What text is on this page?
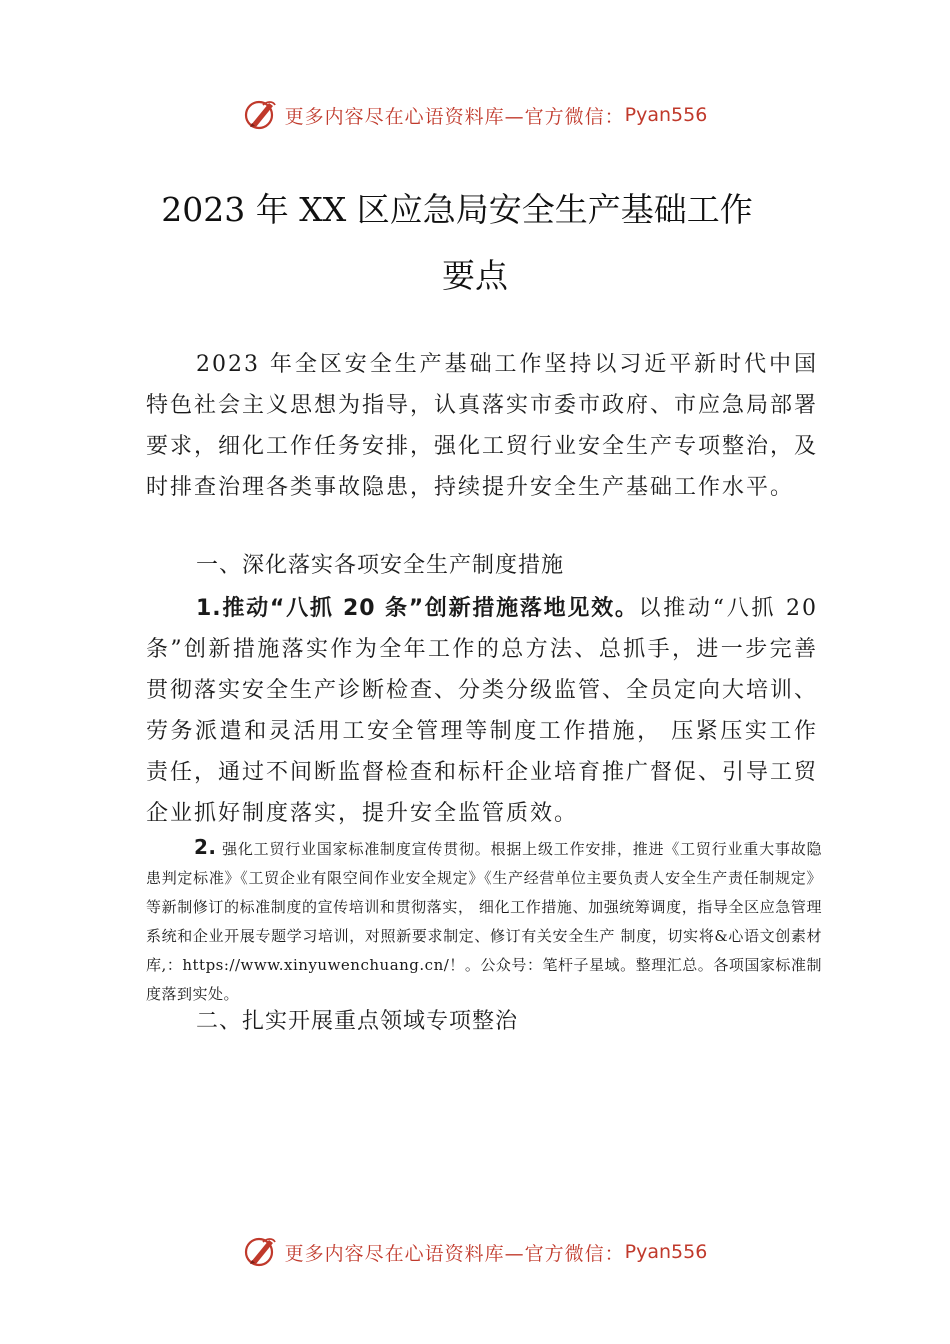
更多内容尽在心语资料库—官方微信： Pyan556
2023 年 XX 区应急局安全生产基础工作
要点

2023 年全区安全生产基础工作坚持以习近平新时代中国特色社会主义思想为指导，认真落实市委市政府、市应急局部署要求，细化工作任务安排，强化工贸行业安全生产专项整治，及时排查治理各类事故隐患，持续提升安全生产基础工作水平。

一、深化落实各项安全生产制度措施

1.推动“八抓 20 条”创新措施落地见效。以推动“八抓 20 条”创新措施落实作为全年工作的总方法、总抓手，进一步完善贯彻落实安全生产诊断检查、分类分级监管、全员定向大培训、劳务派遣和灵活用工安全管理等制度工作措施， 压紧压实工作责任，通过不间断监督检查和标杆企业培育推广督促、引导工贸企业抓好制度落实，提升安全监管质效。

2. 强化工贸行业国家标准制度宣传贯彻。根据上级工作安排，推进《工贸行业重大事故隐患判定标准》《工贸企业有限空间作业安全规定》《生产经营单位主要负责人安全生产责任制规定》等新制修订的标准制度的宣传培训和贯彻落实， 细化工作措施、加强统筹调度，指导全区应急管理系统和企业开展专题学习培训，对照新要求制定、修订有关安全生产 制度，切实将&心语文创素材库,：https://www.xinyuwenchuang.cn/！。公众号：笔杆子星域。整理汇总。各项国家标准制度落到实处。

二、扎实开展重点领域专项整治
更多内容尽在心语资料库—官方微信： Pyan556
